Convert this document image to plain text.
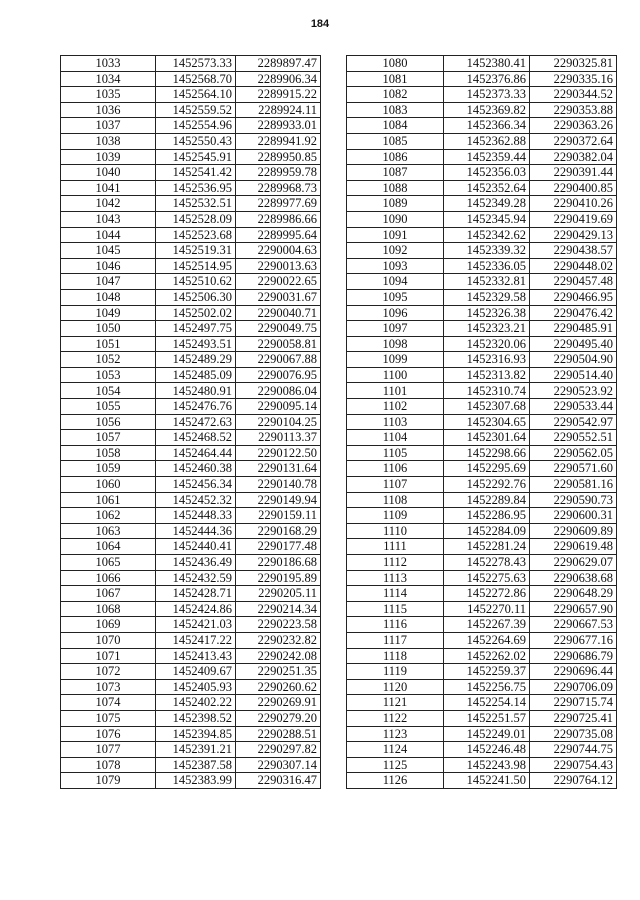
184
1033	1452573.33	2289897.47
1034	1452568.70	2289906.34
1035	1452564.10	2289915.22
1036	1452559.52	2289924.11
1037	1452554.96	2289933.01
1038	1452550.43	2289941.92
1039	1452545.91	2289950.85
1040	1452541.42	2289959.78
1041	1452536.95	2289968.73
1042	1452532.51	2289977.69
1043	1452528.09	2289986.66
1044	1452523.68	2289995.64
1045	1452519.31	2290004.63
1046	1452514.95	2290013.63
1047	1452510.62	2290022.65
1048	1452506.30	2290031.67
1049	1452502.02	2290040.71
1050	1452497.75	2290049.75
1051	1452493.51	2290058.81
1052	1452489.29	2290067.88
1053	1452485.09	2290076.95
1054	1452480.91	2290086.04
1055	1452476.76	2290095.14
1056	1452472.63	2290104.25
1057	1452468.52	2290113.37
1058	1452464.44	2290122.50
1059	1452460.38	2290131.64
1060	1452456.34	2290140.78
1061	1452452.32	2290149.94
1062	1452448.33	2290159.11
1063	1452444.36	2290168.29
1064	1452440.41	2290177.48
1065	1452436.49	2290186.68
1066	1452432.59	2290195.89
1067	1452428.71	2290205.11
1068	1452424.86	2290214.34
1069	1452421.03	2290223.58
1070	1452417.22	2290232.82
1071	1452413.43	2290242.08
1072	1452409.67	2290251.35
1073	1452405.93	2290260.62
1074	1452402.22	2290269.91
1075	1452398.52	2290279.20
1076	1452394.85	2290288.51
1077	1452391.21	2290297.82
1078	1452387.58	2290307.14
1079	1452383.99	2290316.47
1080	1452380.41	2290325.81
1081	1452376.86	2290335.16
1082	1452373.33	2290344.52
1083	1452369.82	2290353.88
1084	1452366.34	2290363.26
1085	1452362.88	2290372.64
1086	1452359.44	2290382.04
1087	1452356.03	2290391.44
1088	1452352.64	2290400.85
1089	1452349.28	2290410.26
1090	1452345.94	2290419.69
1091	1452342.62	2290429.13
1092	1452339.32	2290438.57
1093	1452336.05	2290448.02
1094	1452332.81	2290457.48
1095	1452329.58	2290466.95
1096	1452326.38	2290476.42
1097	1452323.21	2290485.91
1098	1452320.06	2290495.40
1099	1452316.93	2290504.90
1100	1452313.82	2290514.40
1101	1452310.74	2290523.92
1102	1452307.68	2290533.44
1103	1452304.65	2290542.97
1104	1452301.64	2290552.51
1105	1452298.66	2290562.05
1106	1452295.69	2290571.60
1107	1452292.76	2290581.16
1108	1452289.84	2290590.73
1109	1452286.95	2290600.31
1110	1452284.09	2290609.89
1111	1452281.24	2290619.48
1112	1452278.43	2290629.07
1113	1452275.63	2290638.68
1114	1452272.86	2290648.29
1115	1452270.11	2290657.90
1116	1452267.39	2290667.53
1117	1452264.69	2290677.16
1118	1452262.02	2290686.79
1119	1452259.37	2290696.44
1120	1452256.75	2290706.09
1121	1452254.14	2290715.74
1122	1452251.57	2290725.41
1123	1452249.01	2290735.08
1124	1452246.48	2290744.75
1125	1452243.98	2290754.43
1126	1452241.50	2290764.12
